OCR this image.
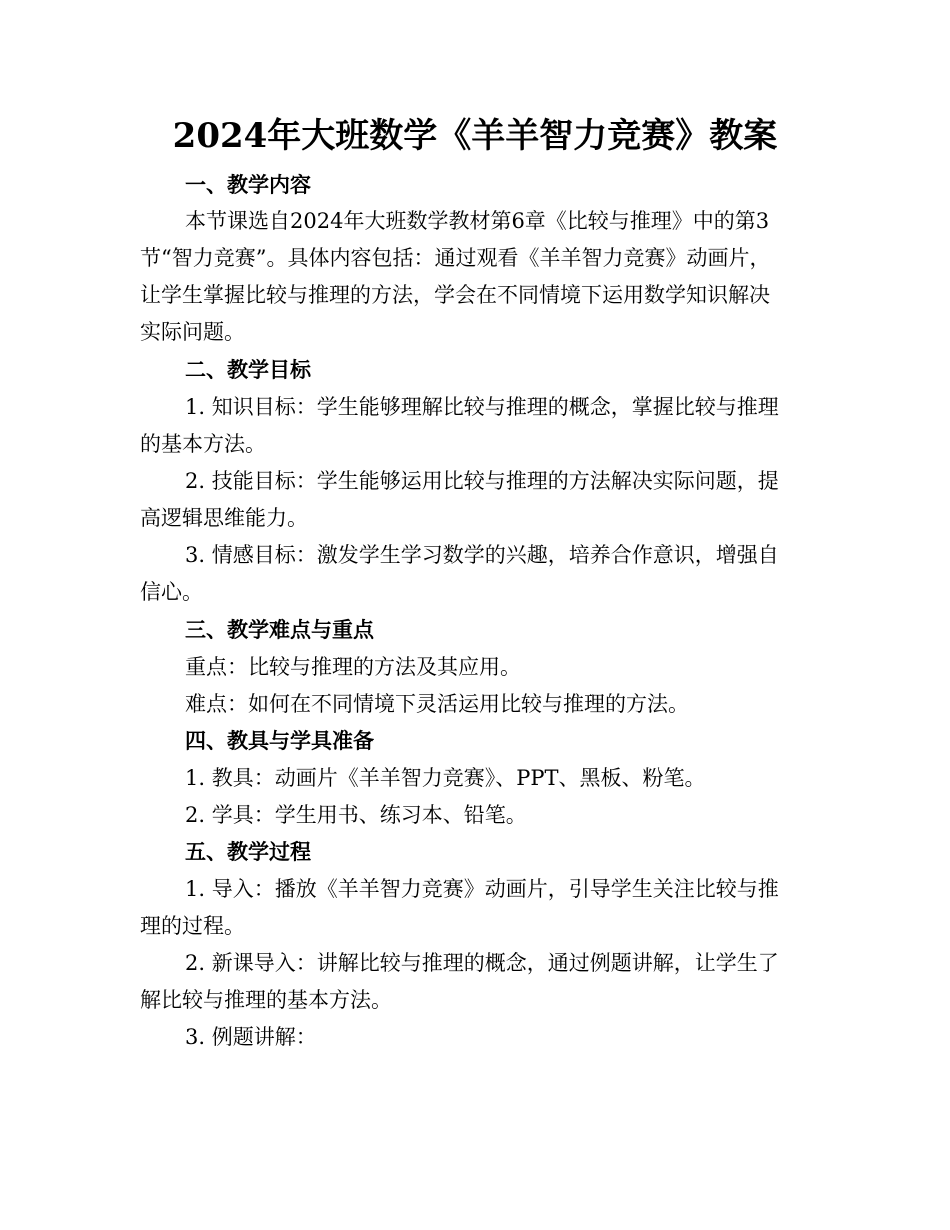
2024年大班数学《羊羊智力竞赛》教案
一、教学内容
本节课选自2024年大班数学教材第6章《比较与推理》中的第3
节“智力竞赛”。具体内容包括：通过观看《羊羊智力竞赛》动画片，
让学生掌握比较与推理的方法，学会在不同情境下运用数学知识解决
实际问题。
二、教学目标
1. 知识目标：学生能够理解比较与推理的概念，掌握比较与推理
的基本方法。
2. 技能目标：学生能够运用比较与推理的方法解决实际问题，提
高逻辑思维能力。
3. 情感目标：激发学生学习数学的兴趣，培养合作意识，增强自
信心。
三、教学难点与重点
重点：比较与推理的方法及其应用。
难点：如何在不同情境下灵活运用比较与推理的方法。
四、教具与学具准备
1. 教具：动画片《羊羊智力竞赛》、PPT、黑板、粉笔。
2. 学具：学生用书、练习本、铅笔。
五、教学过程
1. 导入：播放《羊羊智力竞赛》动画片，引导学生关注比较与推
理的过程。
2. 新课导入：讲解比较与推理的概念，通过例题讲解，让学生了
解比较与推理的基本方法。
3. 例题讲解：
